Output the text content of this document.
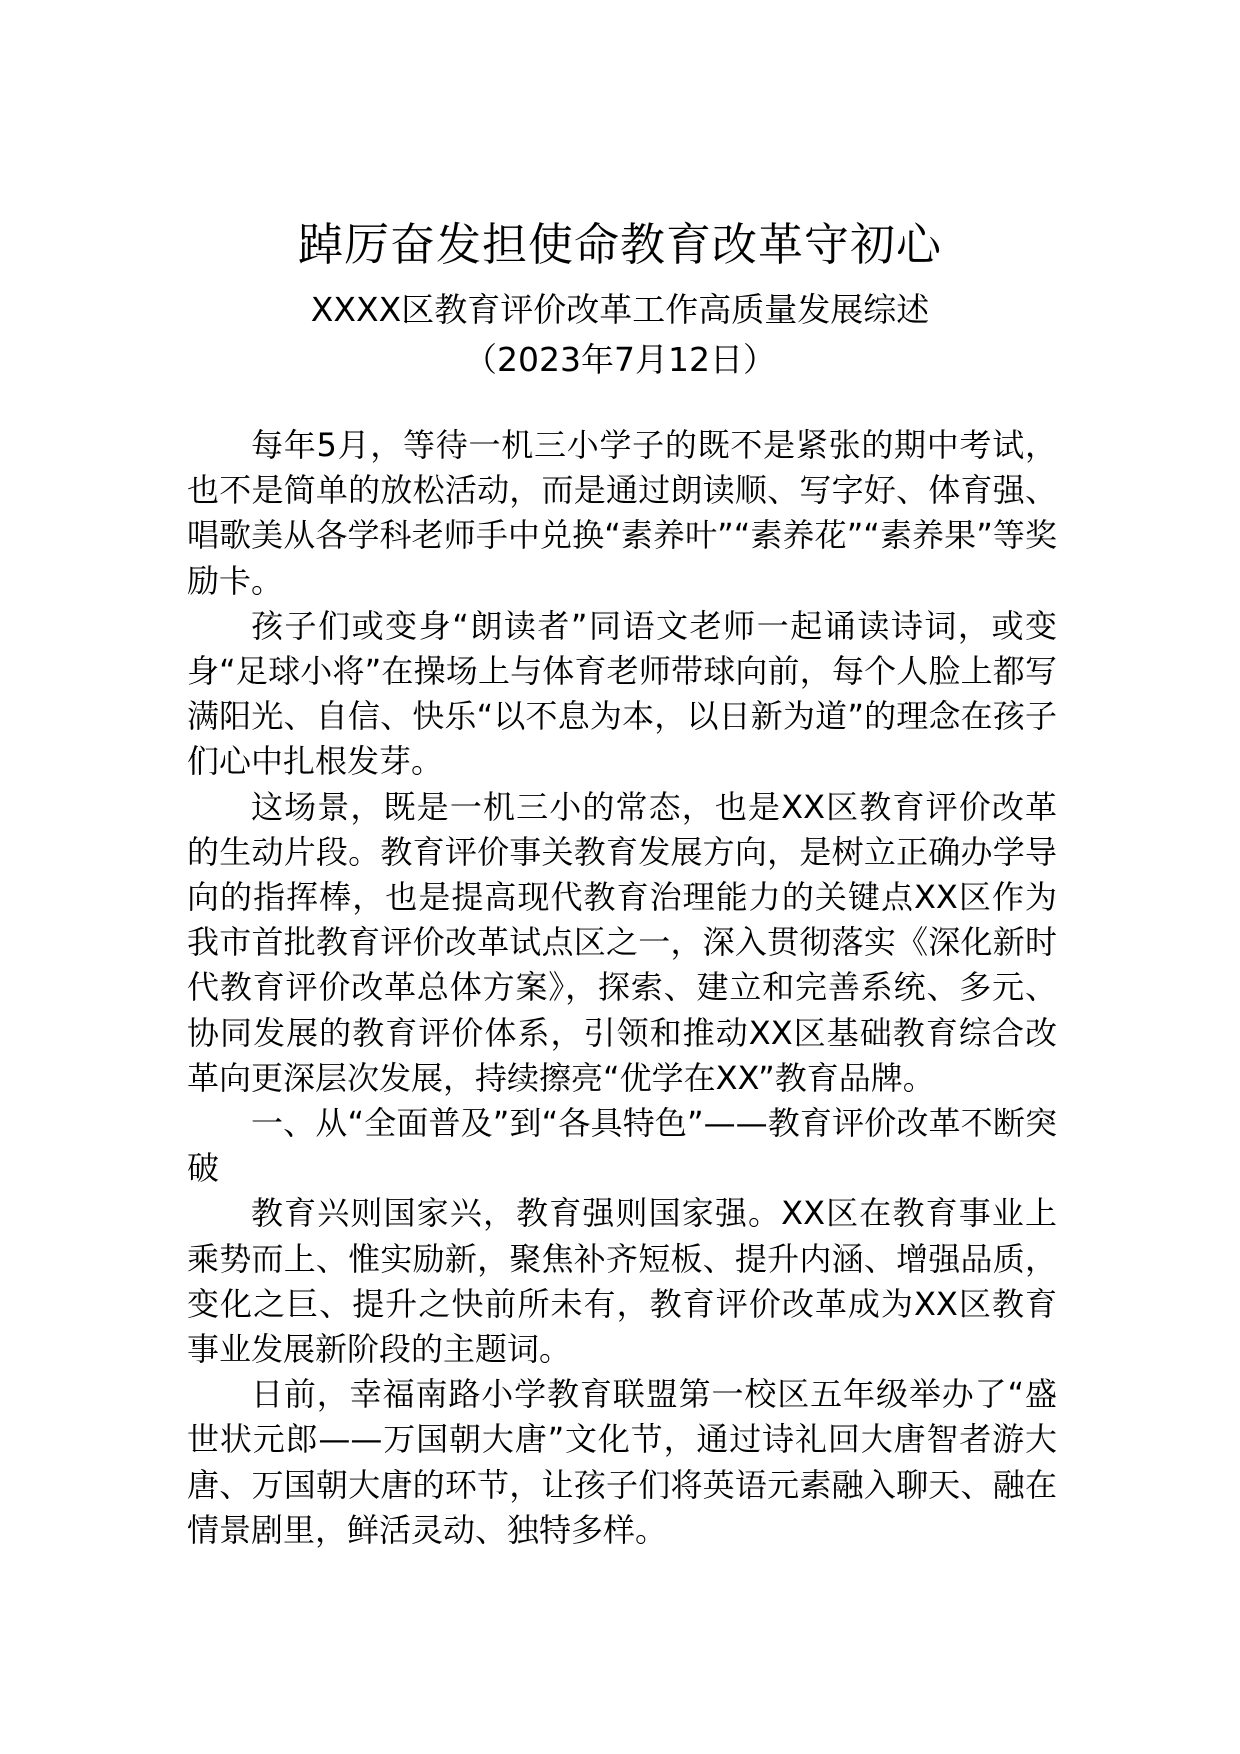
踔厉奋发担使命教育改革守初心
XXXX区教育评价改革工作高质量发展综述
（2023年7月12日）

每年5月，等待一机三小学子的既不是紧张的期中考试，也不是简单的放松活动，而是通过朗读顺、写字好、体育强、唱歌美从各学科老师手中兑换“素养叶”“素养花”“素养果”等奖励卡。

孩子们或变身“朗读者”同语文老师一起诵读诗词，或变身“足球小将”在操场上与体育老师带球向前，每个人脸上都写满阳光、自信、快乐“以不息为本，以日新为道”的理念在孩子们心中扎根发芽。

这场景，既是一机三小的常态，也是XX区教育评价改革的生动片段。教育评价事关教育发展方向，是树立正确办学导向的指挥棒，也是提高现代教育治理能力的关键点XX区作为我市首批教育评价改革试点区之一，深入贯彻落实《深化新时代教育评价改革总体方案》，探索、建立和完善系统、多元、协同发展的教育评价体系，引领和推动XX区基础教育综合改革向更深层次发展，持续擦亮“优学在XX”教育品牌。

一、从“全面普及”到“各具特色”——教育评价改革不断突破

教育兴则国家兴，教育强则国家强。XX区在教育事业上乘势而上、惟实励新，聚焦补齐短板、提升内涵、增强品质，变化之巨、提升之快前所未有，教育评价改革成为XX区教育事业发展新阶段的主题词。

日前，幸福南路小学教育联盟第一校区五年级举办了“盛世状元郎——万国朝大唐”文化节，通过诗礼回大唐智者游大唐、万国朝大唐的环节，让孩子们将英语元素融入聊天、融在情景剧里，鲜活灵动、独特多样。
